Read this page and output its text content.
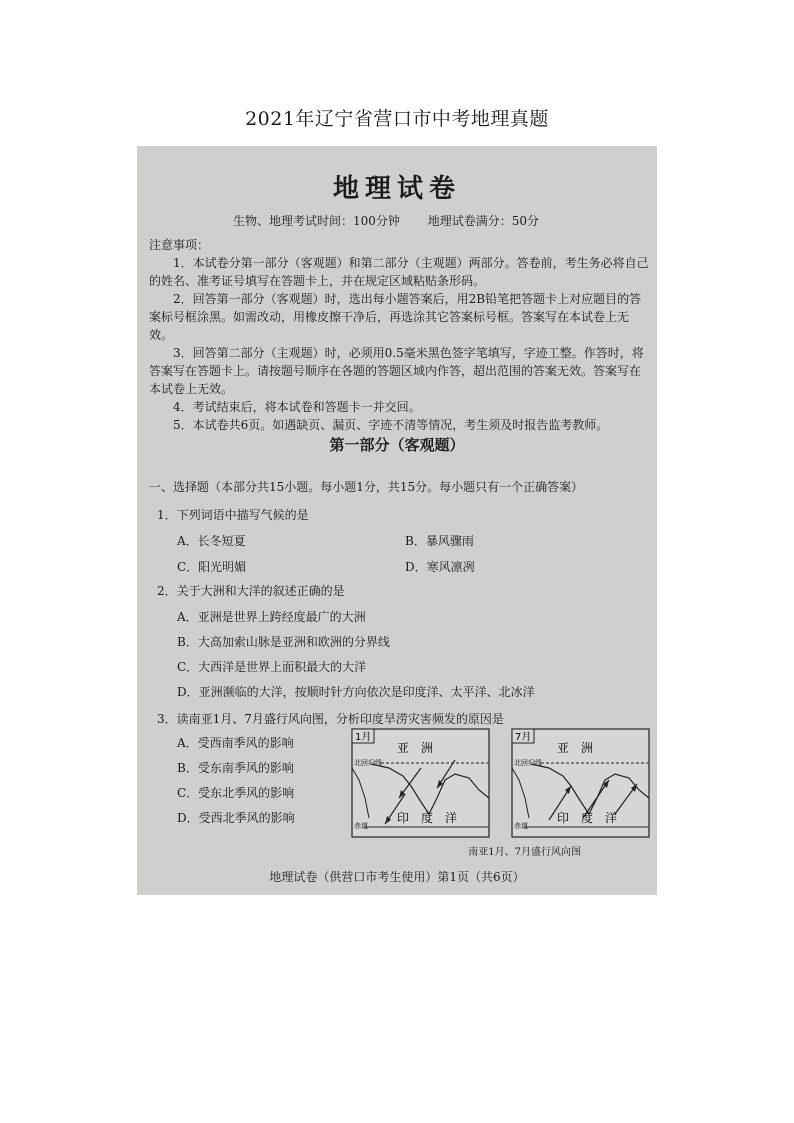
2021年辽宁省营口市中考地理真题
地理试卷
生物、地理考试时间：100分钟 地理试卷满分：50分
注意事项：

1．本试卷分第一部分（客观题）和第二部分（主观题）两部分。答卷前，考生务必将自己的姓名、准考证号填写在答题卡上，并在规定区域粘贴条形码。

2．回答第一部分（客观题）时，选出每小题答案后，用2B铅笔把答题卡上对应题目的答案标号框涂黑。如需改动，用橡皮擦干净后，再选涂其它答案标号框。答案写在本试卷上无效。

3．回答第二部分（主观题）时，必须用0.5毫米黑色签字笔填写，字迹工整。作答时，将答案写在答题卡上。请按题号顺序在各题的答题区域内作答，超出范围的答案无效。答案写在本试卷上无效。

4．考试结束后，将本试卷和答题卡一并交回。

5．本试卷共6页。如遇缺页、漏页、字迹不清等情况，考生须及时报告监考教师。

第一部分（客观题）
一、选择题（本部分共15小题。每小题1分，共15分。每小题只有一个正确答案）
1．下列词语中描写气候的是
A．长冬短夏	B．暴风骤雨
C．阳光明媚	D．寒风凛冽
2．关于大洲和大洋的叙述正确的是
A．亚洲是世界上跨经度最广的大洲
B．大高加索山脉是亚洲和欧洲的分界线
C．大西洋是世界上面积最大的大洋
D．亚洲濒临的大洋，按顺时针方向依次是印度洋、太平洋、北冰洋
3．读南亚1月、7月盛行风向图，分析印度旱涝灾害频发的原因是
A．受西南季风的影响
B．受东南季风的影响
C．受东北季风的影响
D．受西北季风的影响
1月
亚　洲
北回归线
赤道
印　度　洋
7月
亚　洲
北回归线
赤道
印　度　洋
南亚1月、7月盛行风向图
地理试卷（供营口市考生使用）第1页（共6页）
